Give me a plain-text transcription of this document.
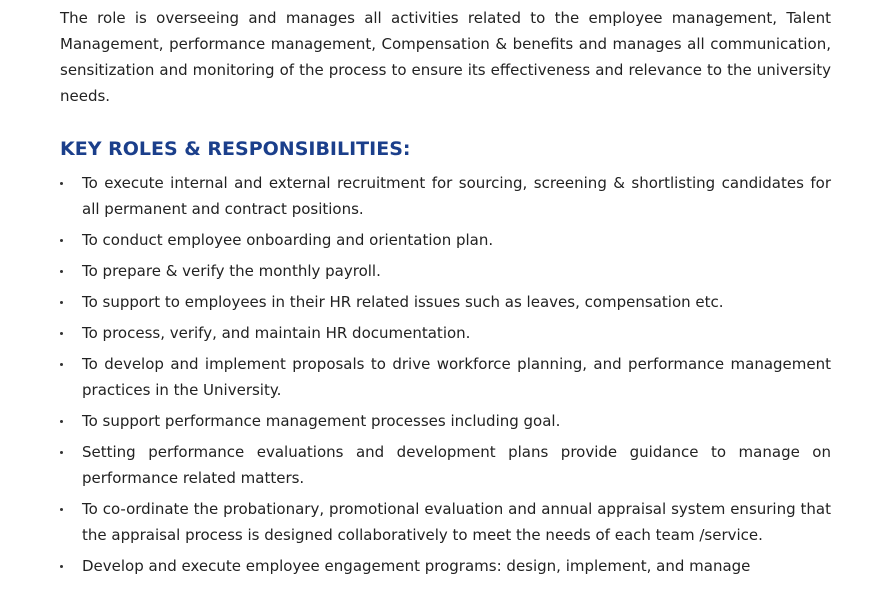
The role is overseeing and manages all activities related to the employee management, Talent Management, performance management, Compensation & benefits and manages all communication, sensitization and monitoring of the process to ensure its effectiveness and relevance to the university needs.

KEY ROLES & RESPONSIBILITIES:
To execute internal and external recruitment for sourcing, screening & shortlisting candidates for all permanent and contract positions.
To conduct employee onboarding and orientation plan.
To prepare & verify the monthly payroll.
To support to employees in their HR related issues such as leaves, compensation etc.
To process, verify, and maintain HR documentation.
To develop and implement proposals to drive workforce planning, and performance management practices in the University.
To support performance management processes including goal.
Setting performance evaluations and development plans provide guidance to manage on performance related matters.
To co-ordinate the probationary, promotional evaluation and annual appraisal system ensuring that the appraisal process is designed collaboratively to meet the needs of each team /service.
Develop and execute employee engagement programs: design, implement, and manage
